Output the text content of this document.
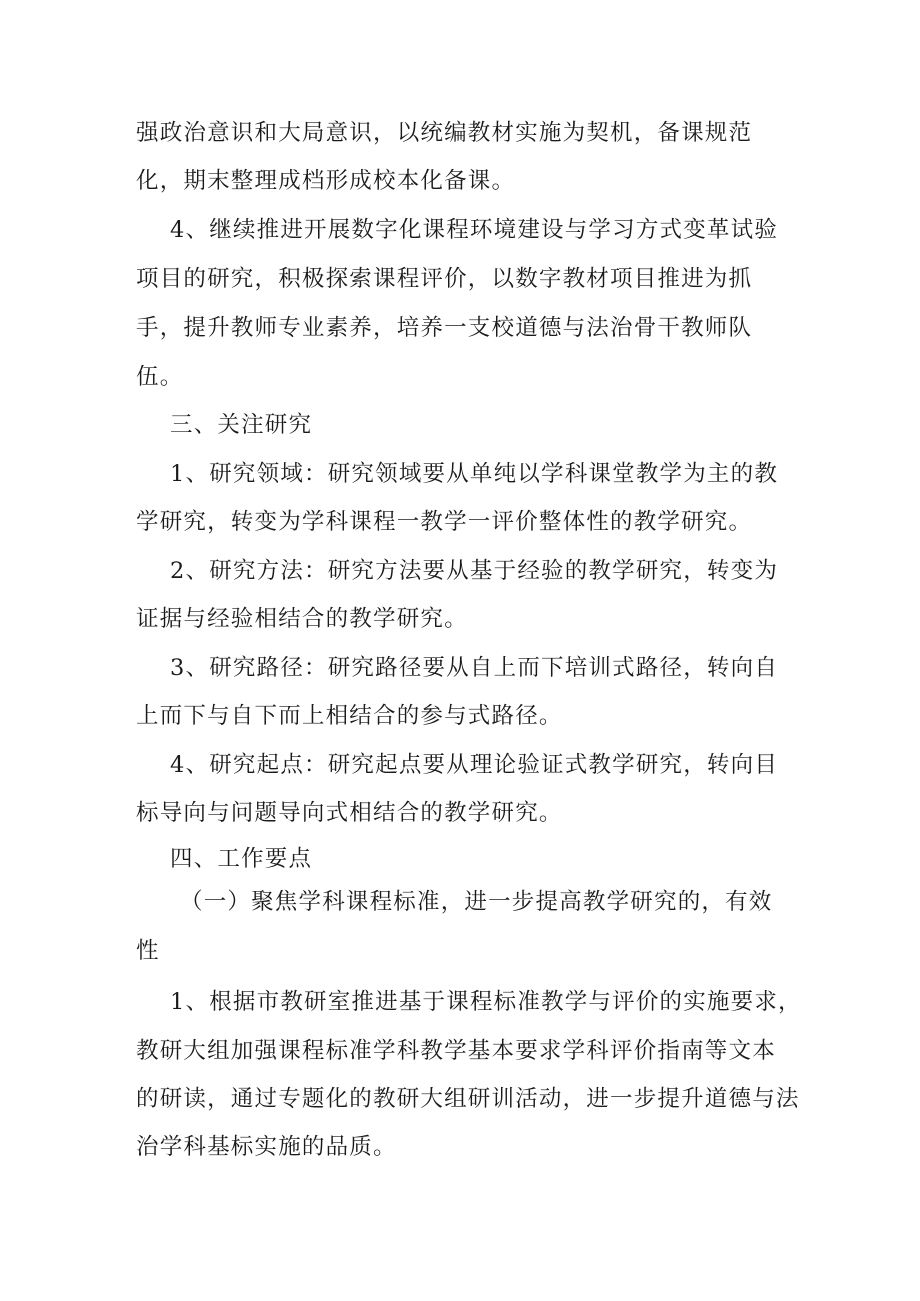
强政治意识和大局意识，以统编教材实施为契机，备课规范

化，期末整理成档形成校本化备课。

4、继续推进开展数字化课程环境建设与学习方式变革试验

项目的研究，积极探索课程评价，以数字教材项目推进为抓

手，提升教师专业素养，培养一支校道德与法治骨干教师队

伍。

三、关注研究

1、研究领域：研究领域要从单纯以学科课堂教学为主的教

学研究，转变为学科课程一教学一评价整体性的教学研究。

2、研究方法：研究方法要从基于经验的教学研究，转变为

证据与经验相结合的教学研究。

3、研究路径：研究路径要从自上而下培训式路径，转向自

上而下与自下而上相结合的参与式路径。

4、研究起点：研究起点要从理论验证式教学研究，转向目

标导向与问题导向式相结合的教学研究。

四、工作要点

（一）聚焦学科课程标准，进一步提高教学研究的，有效

性

1、根据市教研室推进基于课程标准教学与评价的实施要求，

教研大组加强课程标准学科教学基本要求学科评价指南等文本

的研读，通过专题化的教研大组研训活动，进一步提升道德与法

治学科基标实施的品质。
